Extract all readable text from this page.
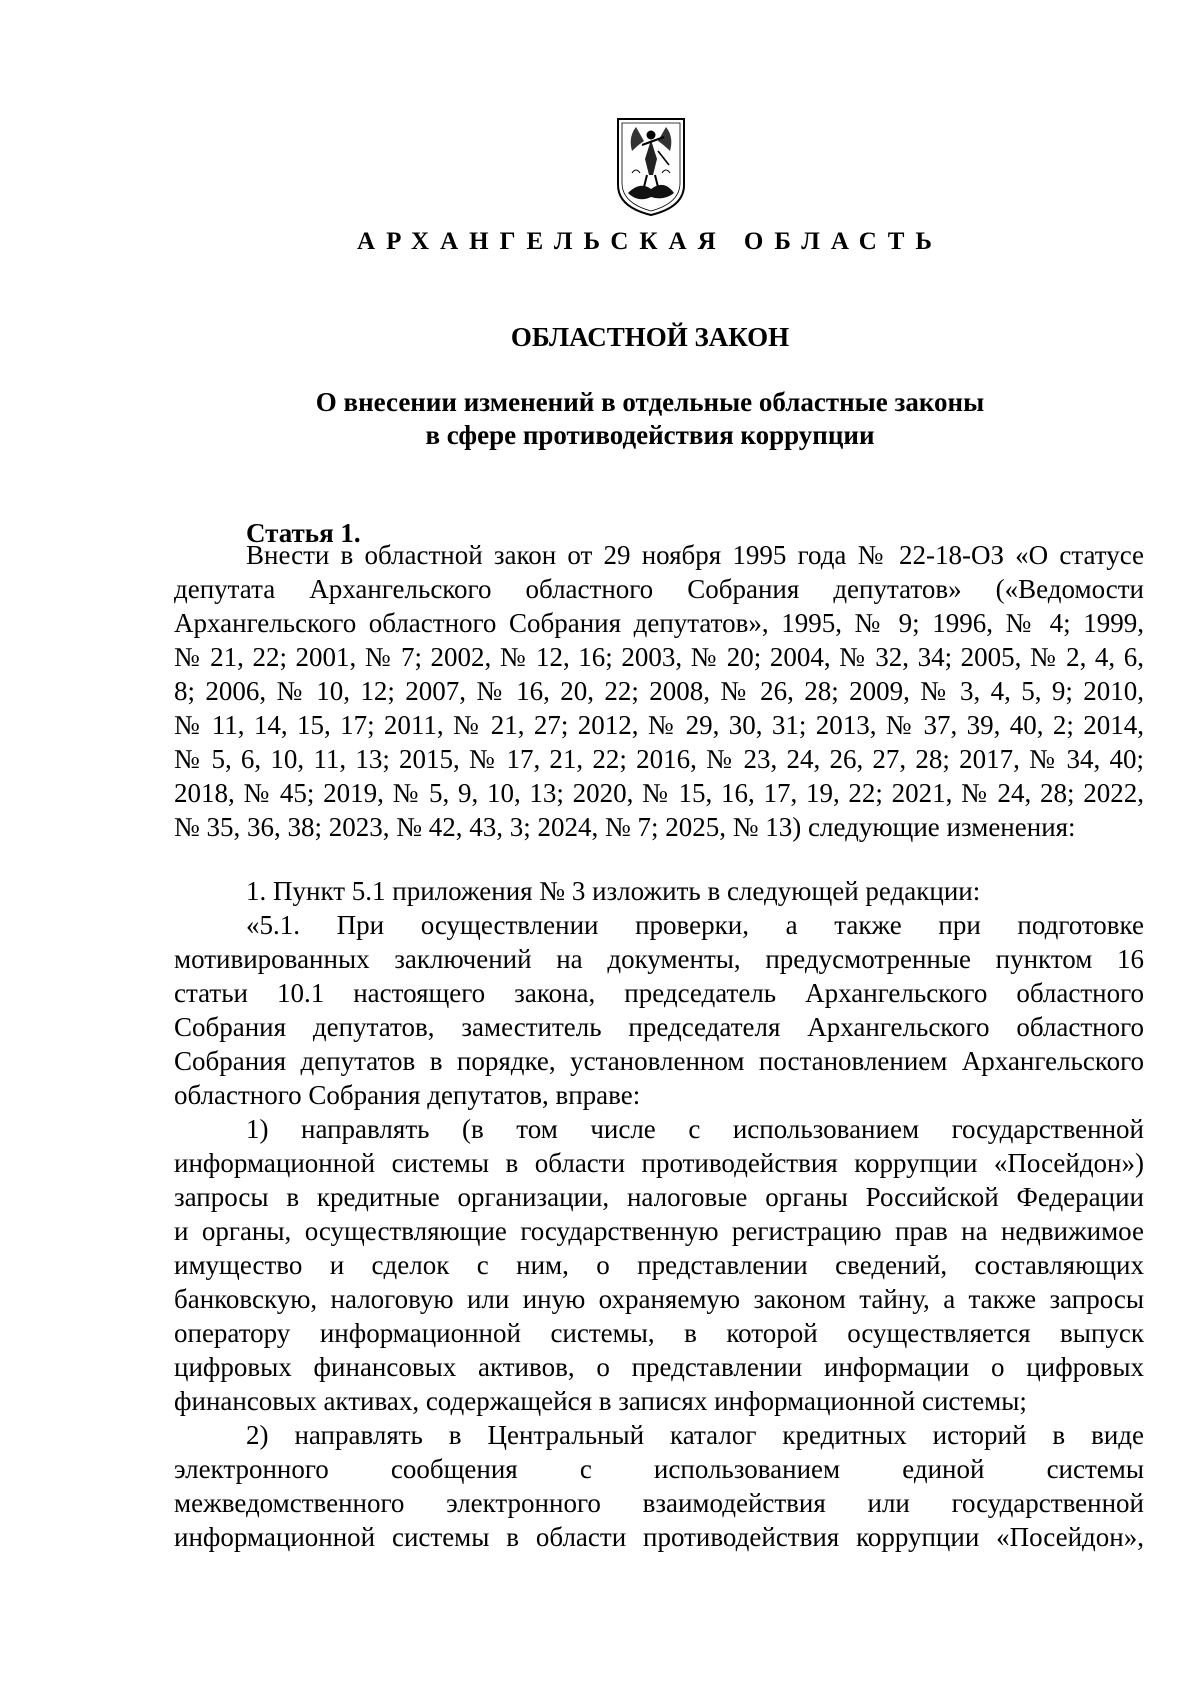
АРХАНГЕЛЬСКАЯ ОБЛАСТЬ
ОБЛАСТНОЙ ЗАКОН
О внесении изменений в отдельные областные законы
в сфере противодействия коррупции
Статья 1.
Внести в областной закон от 29 ноября 1995 года № 22-18-ОЗ «О статусе
депутата Архангельского областного Собрания депутатов» («Ведомости
Архангельского областного Собрания депутатов», 1995, № 9; 1996, № 4; 1999,
№ 21, 22; 2001, № 7; 2002, № 12, 16; 2003, № 20; 2004, № 32, 34; 2005, № 2, 4, 6,
8; 2006, № 10, 12; 2007, № 16, 20, 22; 2008, № 26, 28; 2009, № 3, 4, 5, 9; 2010,
№ 11, 14, 15, 17; 2011, № 21, 27; 2012, № 29, 30, 31; 2013, № 37, 39, 40, 2; 2014,
№ 5, 6, 10, 11, 13; 2015, № 17, 21, 22; 2016, № 23, 24, 26, 27, 28; 2017, № 34, 40;
2018, № 45; 2019, № 5, 9, 10, 13; 2020, № 15, 16, 17, 19, 22; 2021, № 24, 28; 2022,
№ 35, 36, 38; 2023, № 42, 43, 3; 2024, № 7; 2025, № 13) следующие изменения:
1. Пункт 5.1 приложения № 3 изложить в следующей редакции:
«5.1. При осуществлении проверки, а также при подготовке
мотивированных заключений на документы, предусмотренные пунктом 16
статьи 10.1 настоящего закона, председатель Архангельского областного
Собрания депутатов, заместитель председателя Архангельского областного
Собрания депутатов в порядке, установленном постановлением Архангельского
областного Собрания депутатов, вправе:
1) направлять (в том числе с использованием государственной
информационной системы в области противодействия коррупции «Посейдон»)
запросы в кредитные организации, налоговые органы Российской Федерации
и органы, осуществляющие государственную регистрацию прав на недвижимое
имущество и сделок с ним, о представлении сведений, составляющих
банковскую, налоговую или иную охраняемую законом тайну, а также запросы
оператору информационной системы, в которой осуществляется выпуск
цифровых финансовых активов, о представлении информации о цифровых
финансовых активах, содержащейся в записях информационной системы;
2) направлять в Центральный каталог кредитных историй в виде
электронного сообщения с использованием единой системы
межведомственного электронного взаимодействия или государственной
информационной системы в области противодействия коррупции «Посейдон»,
